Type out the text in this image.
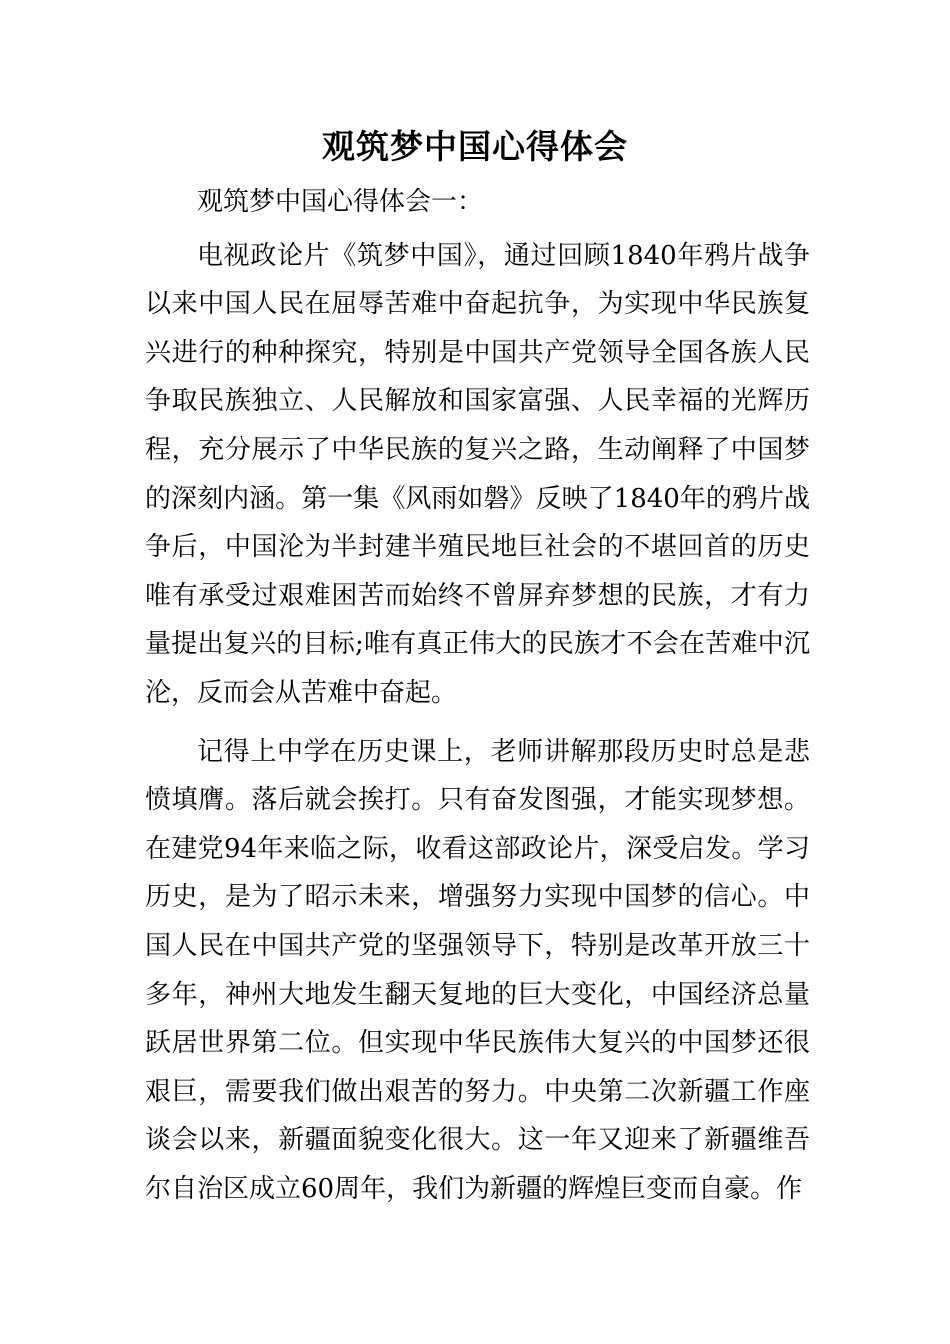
观筑梦中国心得体会

观筑梦中国心得体会一：

电视政论片《筑梦中国》，通过回顾1840年鸦片战争以来中国人民在屈辱苦难中奋起抗争，为实现中华民族复兴进行的种种探究，特别是中国共产党领导全国各族人民争取民族独立、人民解放和国家富强、人民幸福的光辉历程，充分展示了中华民族的复兴之路，生动阐释了中国梦的深刻内涵。第一集《风雨如磐》反映了1840年的鸦片战争后，中国沦为半封建半殖民地巨社会的不堪回首的历史唯有承受过艰难困苦而始终不曾屏弃梦想的民族，才有力量提出复兴的目标;唯有真正伟大的民族才不会在苦难中沉沦，反而会从苦难中奋起。

记得上中学在历史课上，老师讲解那段历史时总是悲愤填膺。落后就会挨打。只有奋发图强，才能实现梦想。在建党94年来临之际，收看这部政论片，深受启发。学习历史，是为了昭示未来，增强努力实现中国梦的信心。中国人民在中国共产党的坚强领导下，特别是改革开放三十多年，神州大地发生翻天复地的巨大变化，中国经济总量跃居世界第二位。但实现中华民族伟大复兴的中国梦还很艰巨，需要我们做出艰苦的努力。中央第二次新疆工作座谈会以来，新疆面貌变化很大。这一年又迎来了新疆维吾尔自治区成立60周年，我们为新疆的辉煌巨变而自豪。作
